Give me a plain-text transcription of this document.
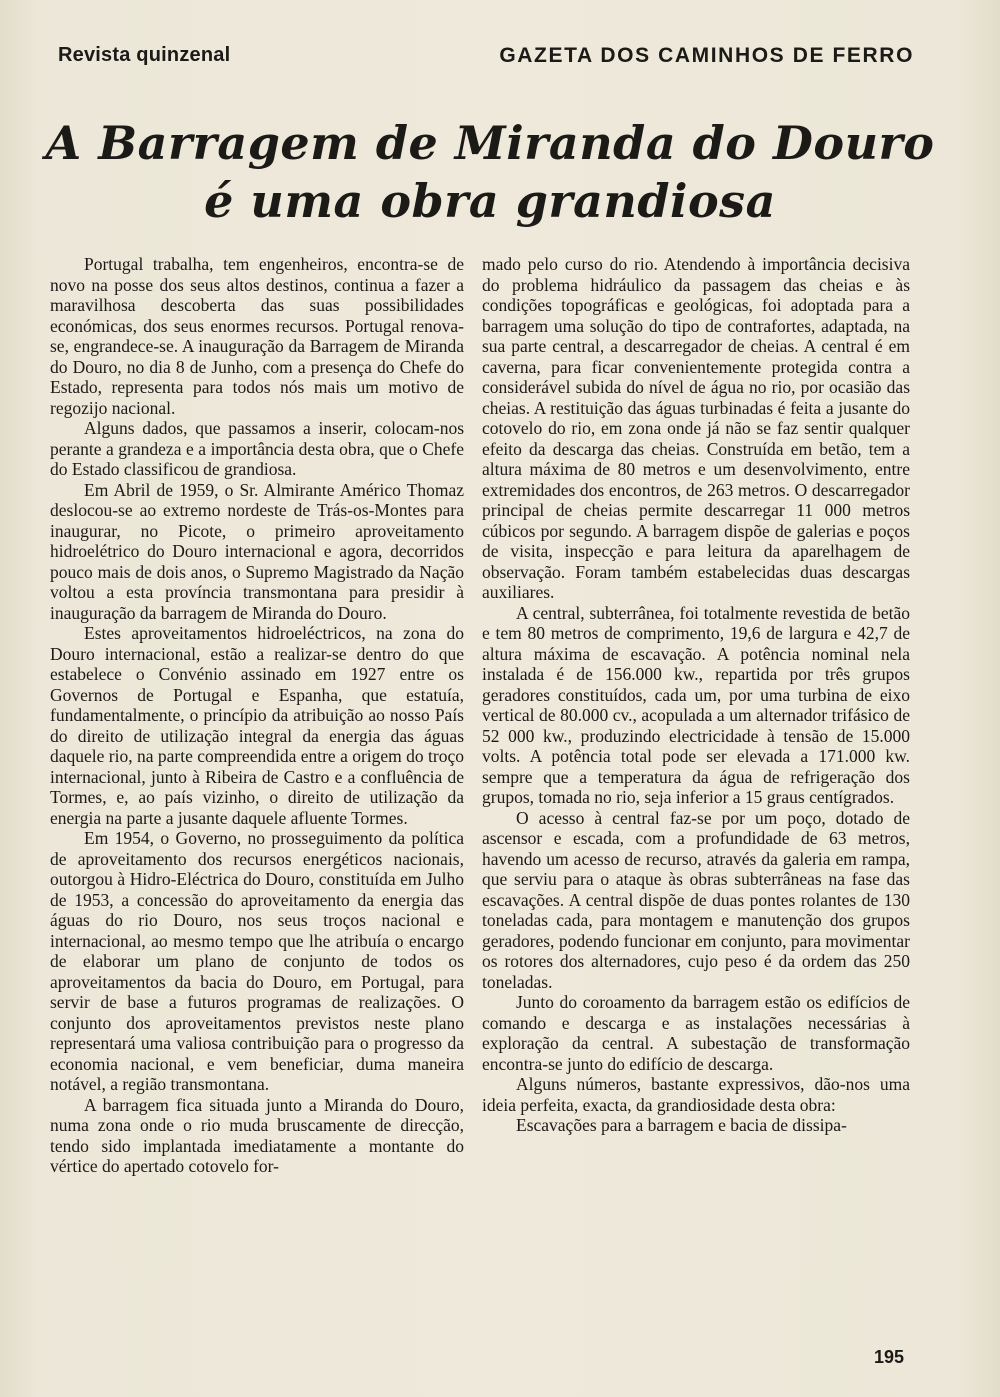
Revista quinzenal	GAZETA DOS CAMINHOS DE FERRO
A Barragem de Miranda do Douro
é uma obra grandiosa

Portugal trabalha, tem engenheiros, encontra-se de novo na posse dos seus altos destinos, continua a fazer a maravilhosa descoberta das suas possibilidades económicas, dos seus enormes recursos. Portugal renova-se, engrandece-se. A inauguração da Barragem de Miranda do Douro, no dia 8 de Junho, com a presença do Chefe do Estado, representa para todos nós mais um motivo de regozijo nacional.

Alguns dados, que passamos a inserir, colocam-nos perante a grandeza e a importância desta obra, que o Chefe do Estado classificou de grandiosa.

Em Abril de 1959, o Sr. Almirante Américo Thomaz deslocou-se ao extremo nordeste de Trás-os-Montes para inaugurar, no Picote, o primeiro aproveitamento hidroelétrico do Douro internacional e agora, decorridos pouco mais de dois anos, o Supremo Magistrado da Nação voltou a esta província transmontana para presidir à inauguração da barragem de Miranda do Douro.

Estes aproveitamentos hidroeléctricos, na zona do Douro internacional, estão a realizar-se dentro do que estabelece o Convénio assinado em 1927 entre os Governos de Portugal e Espanha, que estatuía, fundamentalmente, o princípio da atribuição ao nosso País do direito de utilização integral da energia das águas daquele rio, na parte compreendida entre a origem do troço internacional, junto à Ribeira de Castro e a confluência de Tormes, e, ao país vizinho, o direito de utilização da energia na parte a jusante daquele afluente Tormes.

Em 1954, o Governo, no prosseguimento da política de aproveitamento dos recursos energéticos nacionais, outorgou à Hidro-Eléctrica do Douro, constituída em Julho de 1953, a concessão do aproveitamento da energia das águas do rio Douro, nos seus troços nacional e internacional, ao mesmo tempo que lhe atribuía o encargo de elaborar um plano de conjunto de todos os aproveitamentos da bacia do Douro, em Portugal, para servir de base a futuros programas de realizações. O conjunto dos aproveitamentos previstos neste plano representará uma valiosa contribuição para o progresso da economia nacional, e vem beneficiar, duma maneira notável, a região transmontana.

A barragem fica situada junto a Miranda do Douro, numa zona onde o rio muda bruscamente de direcção, tendo sido implantada imediatamente a montante do vértice do apertado cotovelo for-

mado pelo curso do rio. Atendendo à importância decisiva do problema hidráulico da passagem das cheias e às condições topográficas e geológicas, foi adoptada para a barragem uma solução do tipo de contrafortes, adaptada, na sua parte central, a descarregador de cheias. A central é em caverna, para ficar convenientemente protegida contra a considerável subida do nível de água no rio, por ocasião das cheias. A restituição das águas turbinadas é feita a jusante do cotovelo do rio, em zona onde já não se faz sentir qualquer efeito da descarga das cheias. Construída em betão, tem a altura máxima de 80 metros e um desenvolvimento, entre extremidades dos encontros, de 263 metros. O descarregador principal de cheias permite descarregar 11 000 metros cúbicos por segundo. A barragem dispõe de galerias e poços de visita, inspecção e para leitura da aparelhagem de observação. Foram também estabelecidas duas descargas auxiliares.

A central, subterrânea, foi totalmente revestida de betão e tem 80 metros de comprimento, 19,6 de largura e 42,7 de altura máxima de escavação. A potência nominal nela instalada é de 156.000 kw., repartida por três grupos geradores constituídos, cada um, por uma turbina de eixo vertical de 80.000 cv., acopulada a um alternador trifásico de 52 000 kw., produzindo electricidade à tensão de 15.000 volts. A potência total pode ser elevada a 171.000 kw. sempre que a temperatura da água de refrigeração dos grupos, tomada no rio, seja inferior a 15 graus centígrados.

O acesso à central faz-se por um poço, dotado de ascensor e escada, com a profundidade de 63 metros, havendo um acesso de recurso, através da galeria em rampa, que serviu para o ataque às obras subterrâneas na fase das escavações. A central dispõe de duas pontes rolantes de 130 toneladas cada, para montagem e manutenção dos grupos geradores, podendo funcionar em conjunto, para movimentar os rotores dos alternadores, cujo peso é da ordem das 250 toneladas.

Junto do coroamento da barragem estão os edifícios de comando e descarga e as instalações necessárias à exploração da central. A subestação de transformação encontra-se junto do edifício de descarga.

Alguns números, bastante expressivos, dão-nos uma ideia perfeita, exacta, da grandiosidade desta obra:

Escavações para a barragem e bacia de dissipa-

195
